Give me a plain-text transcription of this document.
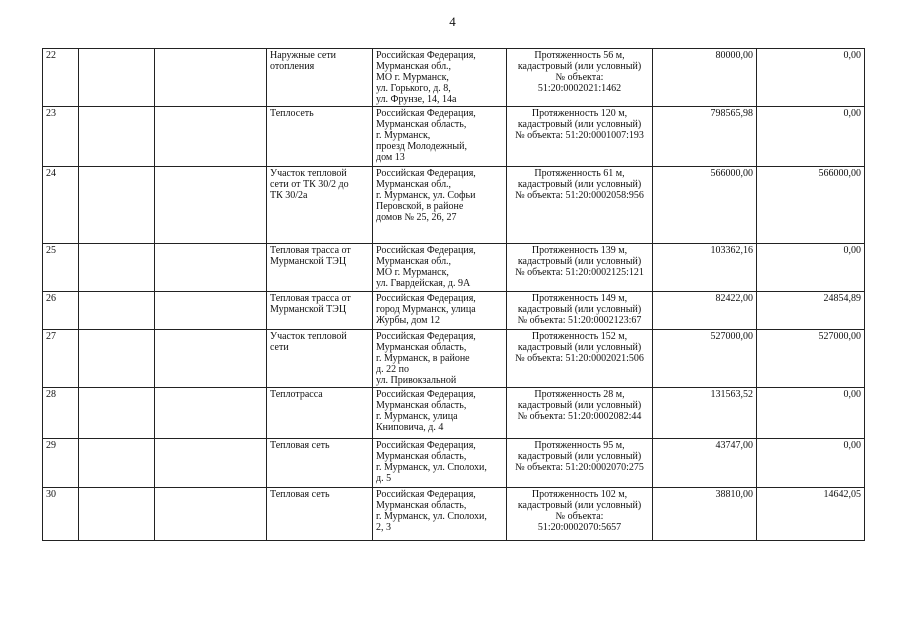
4
22			Наружные сети
отопления	Российская Федерация,
Мурманская обл.,
МО г. Мурманск,
ул. Горького, д. 8,
ул. Фрунзе, 14, 14а	Протяженность 56 м,
кадастровый (или условный)
№ объекта:
51:20:0002021:1462	80000,00	0,00
23			Теплосеть	Российская Федерация,
Мурманская область,
г. Мурманск,
проезд Молодежный,
дом 13	Протяженность 120 м,
кадастровый (или условный)
№ объекта: 51:20:0001007:193	798565,98	0,00
24			Участок тепловой
сети от ТК 30/2 до
ТК 30/2а	Российская Федерация,
Мурманская обл.,
г. Мурманск, ул. Софьи
Перовской, в районе
домов № 25, 26, 27	Протяженность 61 м,
кадастровый (или условный)
№ объекта: 51:20:0002058:956	566000,00	566000,00
25			Тепловая трасса от
Мурманской ТЭЦ	Российская Федерация,
Мурманская обл.,
МО г. Мурманск,
ул. Гвардейская, д. 9А	Протяженность 139 м,
кадастровый (или условный)
№ объекта: 51:20:0002125:121	103362,16	0,00
26			Тепловая трасса от
Мурманской ТЭЦ	Российская Федерация,
город Мурманск, улица
Журбы, дом 12	Протяженность 149 м,
кадастровый (или условный)
№ объекта: 51:20:0002123:67	82422,00	24854,89
27			Участок тепловой
сети	Российская Федерация,
Мурманская область,
г. Мурманск, в районе
д. 22 по
ул. Привокзальной	Протяженность 152 м,
кадастровый (или условный)
№ объекта: 51:20:0002021:506	527000,00	527000,00
28			Теплотрасса	Российская Федерация,
Мурманская область,
г. Мурманск, улица
Книповича, д. 4	Протяженность 28 м,
кадастровый (или условный)
№ объекта: 51:20:0002082:44	131563,52	0,00
29			Тепловая сеть	Российская Федерация,
Мурманская область,
г. Мурманск, ул. Сполохи,
д. 5	Протяженность 95 м,
кадастровый (или условный)
№ объекта: 51:20:0002070:275	43747,00	0,00
30			Тепловая сеть	Российская Федерация,
Мурманская область,
г. Мурманск, ул. Сполохи,
2, 3	Протяженность 102 м,
кадастровый (или условный)
№ объекта:
51:20:0002070:5657	38810,00	14642,05
